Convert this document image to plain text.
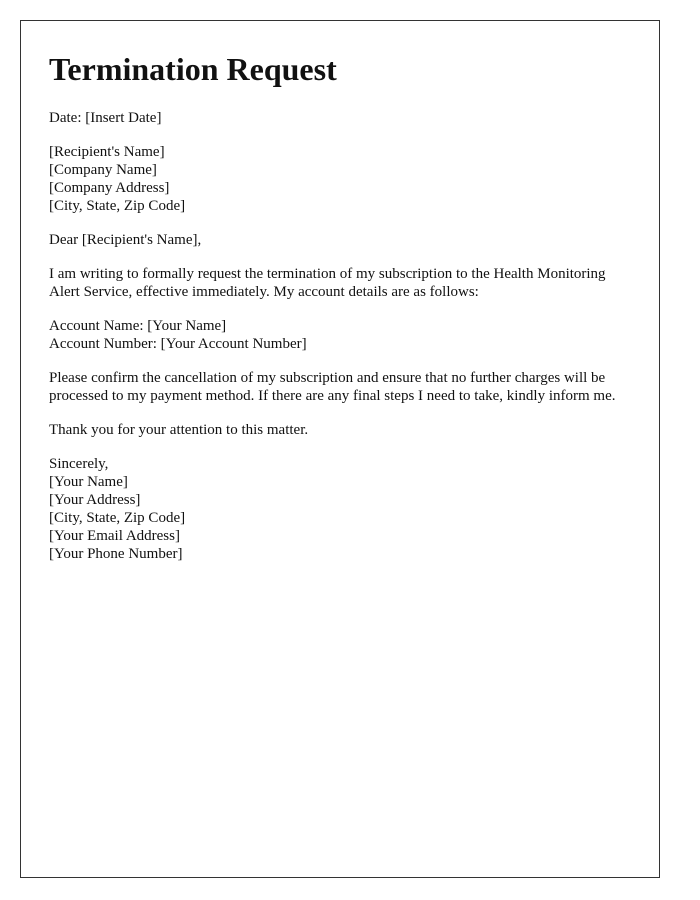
Termination Request

Date: [Insert Date]

[Recipient's Name]
[Company Name]
[Company Address]
[City, State, Zip Code]

Dear [Recipient's Name],

I am writing to formally request the termination of my subscription to the Health Monitoring Alert Service, effective immediately. My account details are as follows:

Account Name: [Your Name]
Account Number: [Your Account Number]

Please confirm the cancellation of my subscription and ensure that no further charges will be processed to my payment method. If there are any final steps I need to take, kindly inform me.

Thank you for your attention to this matter.

Sincerely,
[Your Name]
[Your Address]
[City, State, Zip Code]
[Your Email Address]
[Your Phone Number]
